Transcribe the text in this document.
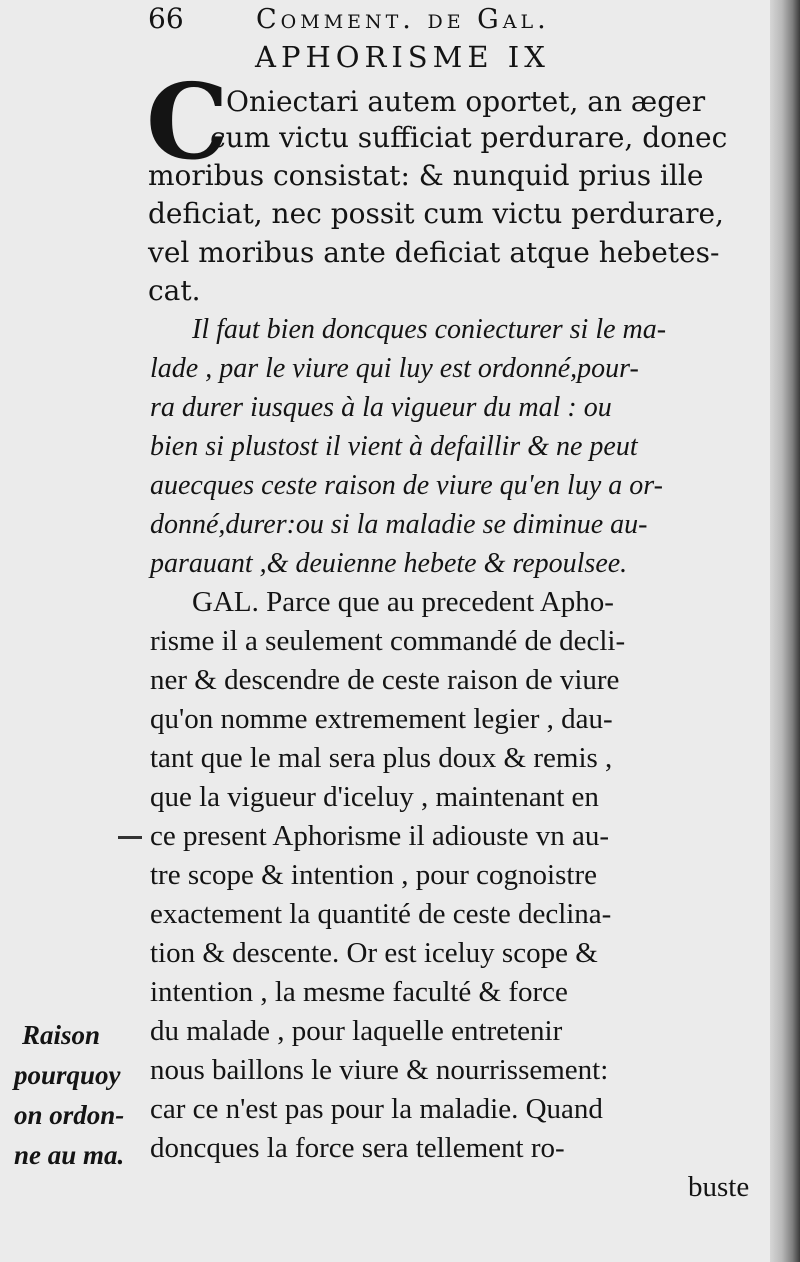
66	Comment. de Gal.
APHORISME IX
C
Oniectari autem oportet, an æger
cum victu sufficiat perdurare, donec
moribus consistat: & nunquid prius ille
deficiat, nec possit cum victu perdurare,
vel moribus ante deficiat atque hebetes-
cat.
Il faut bien doncques coniecturer si le ma-
lade , par le viure qui luy est ordonné,pour-
ra durer iusques à la vigueur du mal : ou
bien si plustost il vient à defaillir & ne peut
auecques ceste raison de viure qu'en luy a or-
donné,durer:ou si la maladie se diminue au-
parauant ,& deuienne hebete & repoulsee.
GAL. Parce que au precedent Apho-
risme il a seulement commandé de decli-
ner & descendre de ceste raison de viure
qu'on nomme extremement legier , dau-
tant que le mal sera plus doux & remis ,
que la vigueur d'iceluy , maintenant en
ce present Aphorisme il adiouste vn au-
tre scope & intention , pour cognoistre
exactement la quantité de ceste declina-
tion & descente. Or est iceluy scope &
intention , la mesme faculté & force
du malade , pour laquelle entretenir
nous baillons le viure & nourrissement:
car ce n'est pas pour la maladie. Quand
doncques la force sera tellement ro-
buste
Raison
pourquoy
on ordon-
ne au ma.
